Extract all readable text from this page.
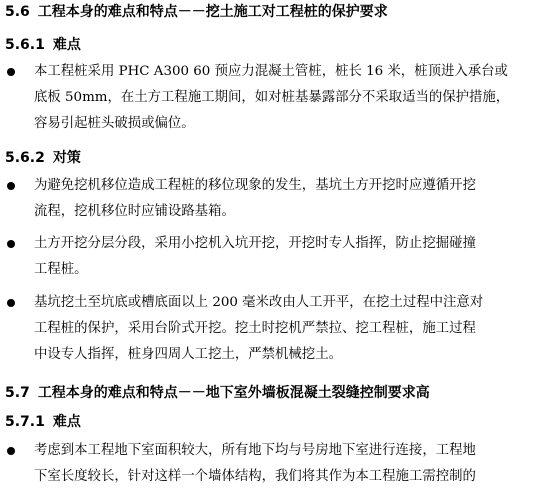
5.6 工程本身的难点和特点－－挖土施工对工程桩的保护要求
5.6.1 难点
本工程桩采用 PHC A300 60 预应力混凝土管桩，桩长 16 米，桩顶进入承台或
底板 50mm，在土方工程施工期间，如对桩基暴露部分不采取适当的保护措施，
容易引起桩头破损或偏位。
5.6.2 对策
为避免挖机移位造成工程桩的移位现象的发生，基坑土方开挖时应遵循开挖
流程，挖机移位时应铺设路基箱。
土方开挖分层分段，采用小挖机入坑开挖，开挖时专人指挥，防止挖掘碰撞
工程桩。
基坑挖土至坑底或槽底面以上 200 毫米改由人工开平，在挖土过程中注意对
工程桩的保护，采用台阶式开挖。挖土时挖机严禁拉、挖工程桩，施工过程
中设专人指挥，桩身四周人工挖土，严禁机械挖土。
5.7 工程本身的难点和特点－－地下室外墙板混凝土裂缝控制要求高
5.7.1 难点
考虑到本工程地下室面积较大，所有地下均与号房地下室进行连接，工程地
下室长度较长，针对这样一个墙体结构，我们将其作为本工程施工需控制的
